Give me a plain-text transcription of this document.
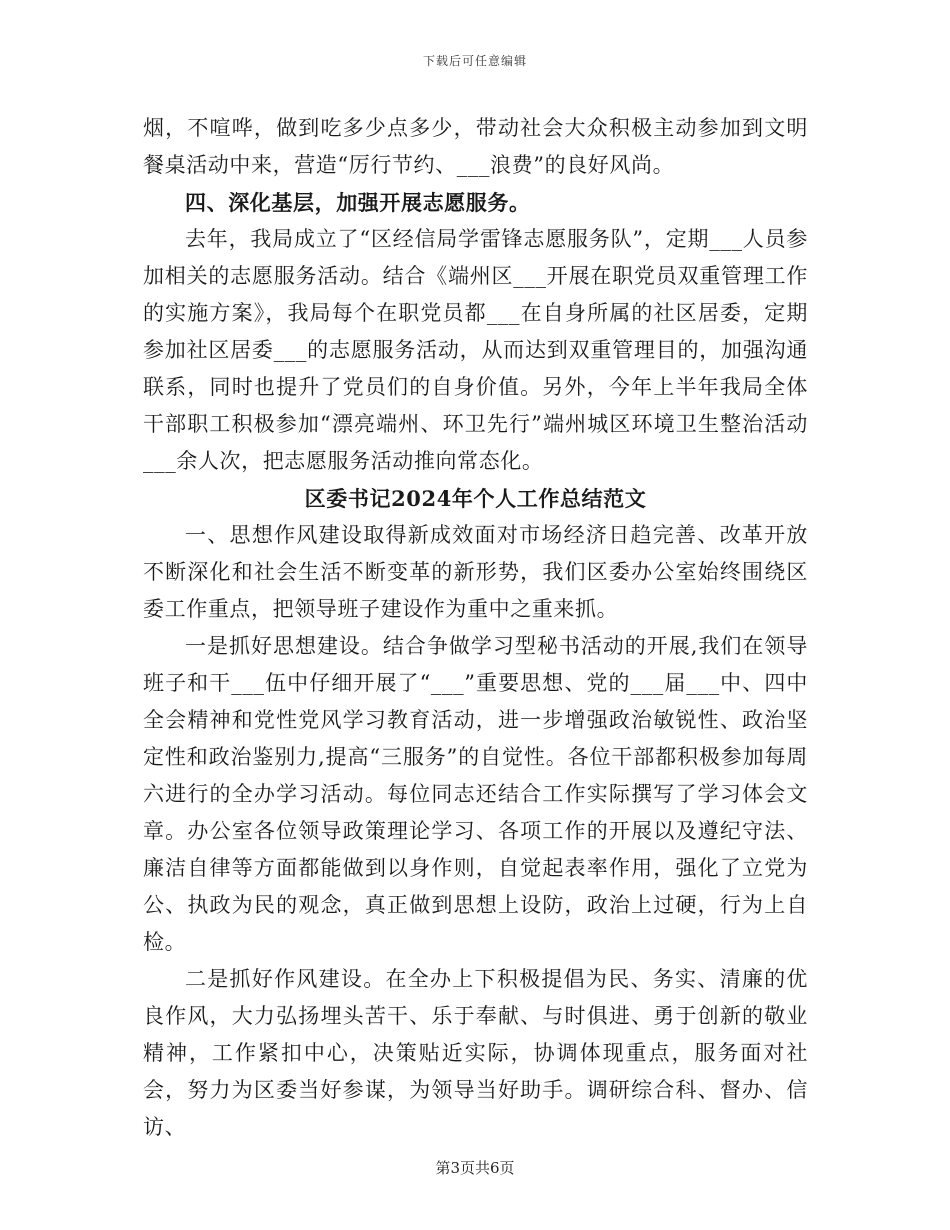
下载后可任意编辑

烟，不喧哗，做到吃多少点多少，带动社会大众积极主动参加到文明餐桌活动中来，营造“厉行节约、___浪费”的良好风尚。

四、深化基层，加强开展志愿服务。

去年，我局成立了“区经信局学雷锋志愿服务队”，定期___人员参加相关的志愿服务活动。结合《端州区___开展在职党员双重管理工作的实施方案》，我局每个在职党员都___在自身所属的社区居委，定期参加社区居委___的志愿服务活动，从而达到双重管理目的，加强沟通联系，同时也提升了党员们的自身价值。另外，今年上半年我局全体干部职工积极参加“漂亮端州、环卫先行”端州城区环境卫生整治活动___余人次，把志愿服务活动推向常态化。

区委书记2024年个人工作总结范文

一、思想作风建设取得新成效面对市场经济日趋完善、改革开放不断深化和社会生活不断变革的新形势，我们区委办公室始终围绕区委工作重点，把领导班子建设作为重中之重来抓。

一是抓好思想建设。结合争做学习型秘书活动的开展,我们在领导班子和干___伍中仔细开展了“___”重要思想、党的___届___中、四中全会精神和党性党风学习教育活动，进一步增强政治敏锐性、政治坚定性和政治鉴别力,提高“三服务”的自觉性。各位干部都积极参加每周六进行的全办学习活动。每位同志还结合工作实际撰写了学习体会文章。办公室各位领导政策理论学习、各项工作的开展以及遵纪守法、廉洁自律等方面都能做到以身作则，自觉起表率作用，强化了立党为公、执政为民的观念，真正做到思想上设防，政治上过硬，行为上自检。

二是抓好作风建设。在全办上下积极提倡为民、务实、清廉的优良作风，大力弘扬埋头苦干、乐于奉献、与时俱进、勇于创新的敬业精神，工作紧扣中心，决策贴近实际，协调体现重点，服务面对社会，努力为区委当好参谋，为领导当好助手。调研综合科、督办、信访、

第3页共6页
